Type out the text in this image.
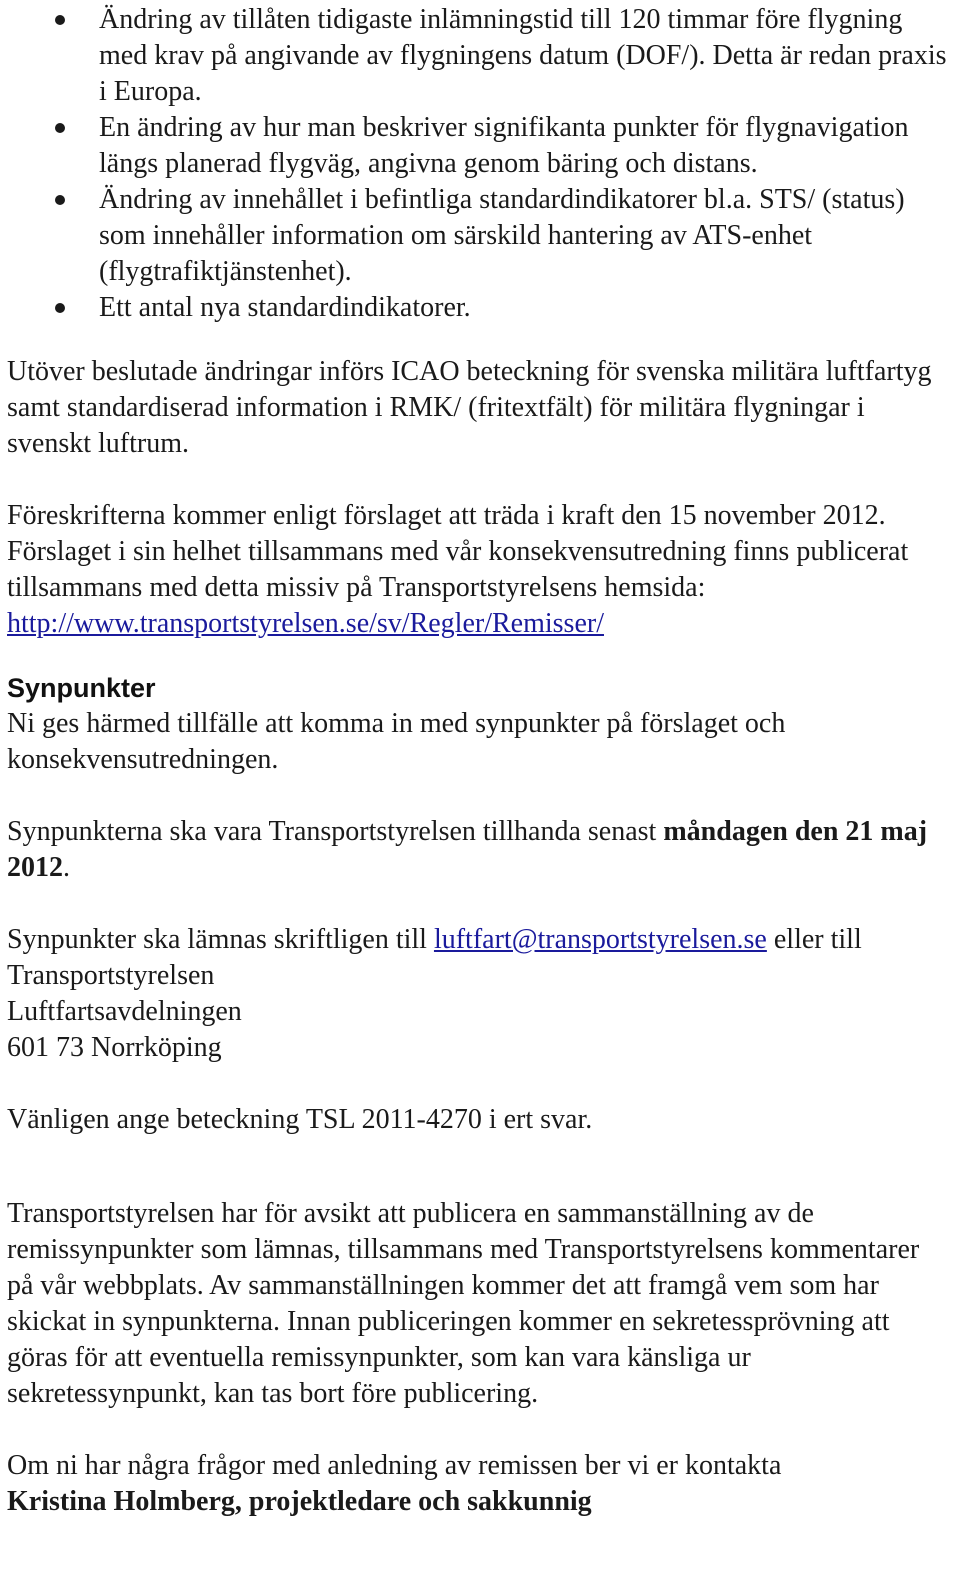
Ändring av tillåten tidigaste inlämningstid till 120 timmar före flygning med krav på angivande av flygningens datum (DOF/). Detta är redan praxis i Europa.
En ändring av hur man beskriver signifikanta punkter för flygnavigation längs planerad flygväg, angivna genom bäring och distans.
Ändring av innehållet i befintliga standardindikatorer bl.a. STS/ (status) som innehåller information om särskild hantering av ATS-enhet (flygtrafiktjänstenhet).
Ett antal nya standardindikatorer.

Utöver beslutade ändringar införs ICAO beteckning för svenska militära luftfartyg samt standardiserad information i RMK/ (fritextfält) för militära flygningar i svenskt luftrum.

Föreskrifterna kommer enligt förslaget att träda i kraft den 15 november 2012. Förslaget i sin helhet tillsammans med vår konsekvensutredning finns publicerat tillsammans med detta missiv på Transportstyrelsens hemsida: http://www.transportstyrelsen.se/sv/Regler/Remisser/

Synpunkter

Ni ges härmed tillfälle att komma in med synpunkter på förslaget och konsekvensutredningen.

Synpunkterna ska vara Transportstyrelsen tillhanda senast måndagen den 21 maj 2012.

Synpunkter ska lämnas skriftligen till luftfart@transportstyrelsen.se eller till

Transportstyrelsen
Luftfartsavdelningen
601 73 Norrköping

Vänligen ange beteckning TSL 2011-4270 i ert svar.

Transportstyrelsen har för avsikt att publicera en sammanställning av de remissynpunkter som lämnas, tillsammans med Transportstyrelsens kommentarer på vår webbplats. Av sammanställningen kommer det att framgå vem som har skickat in synpunkterna. Innan publiceringen kommer en sekretessprövning att göras för att eventuella remissynpunkter, som kan vara känsliga ur sekretessynpunkt, kan tas bort före publicering.

Om ni har några frågor med anledning av remissen ber vi er kontakta

Kristina Holmberg, projektledare och sakkunnig
